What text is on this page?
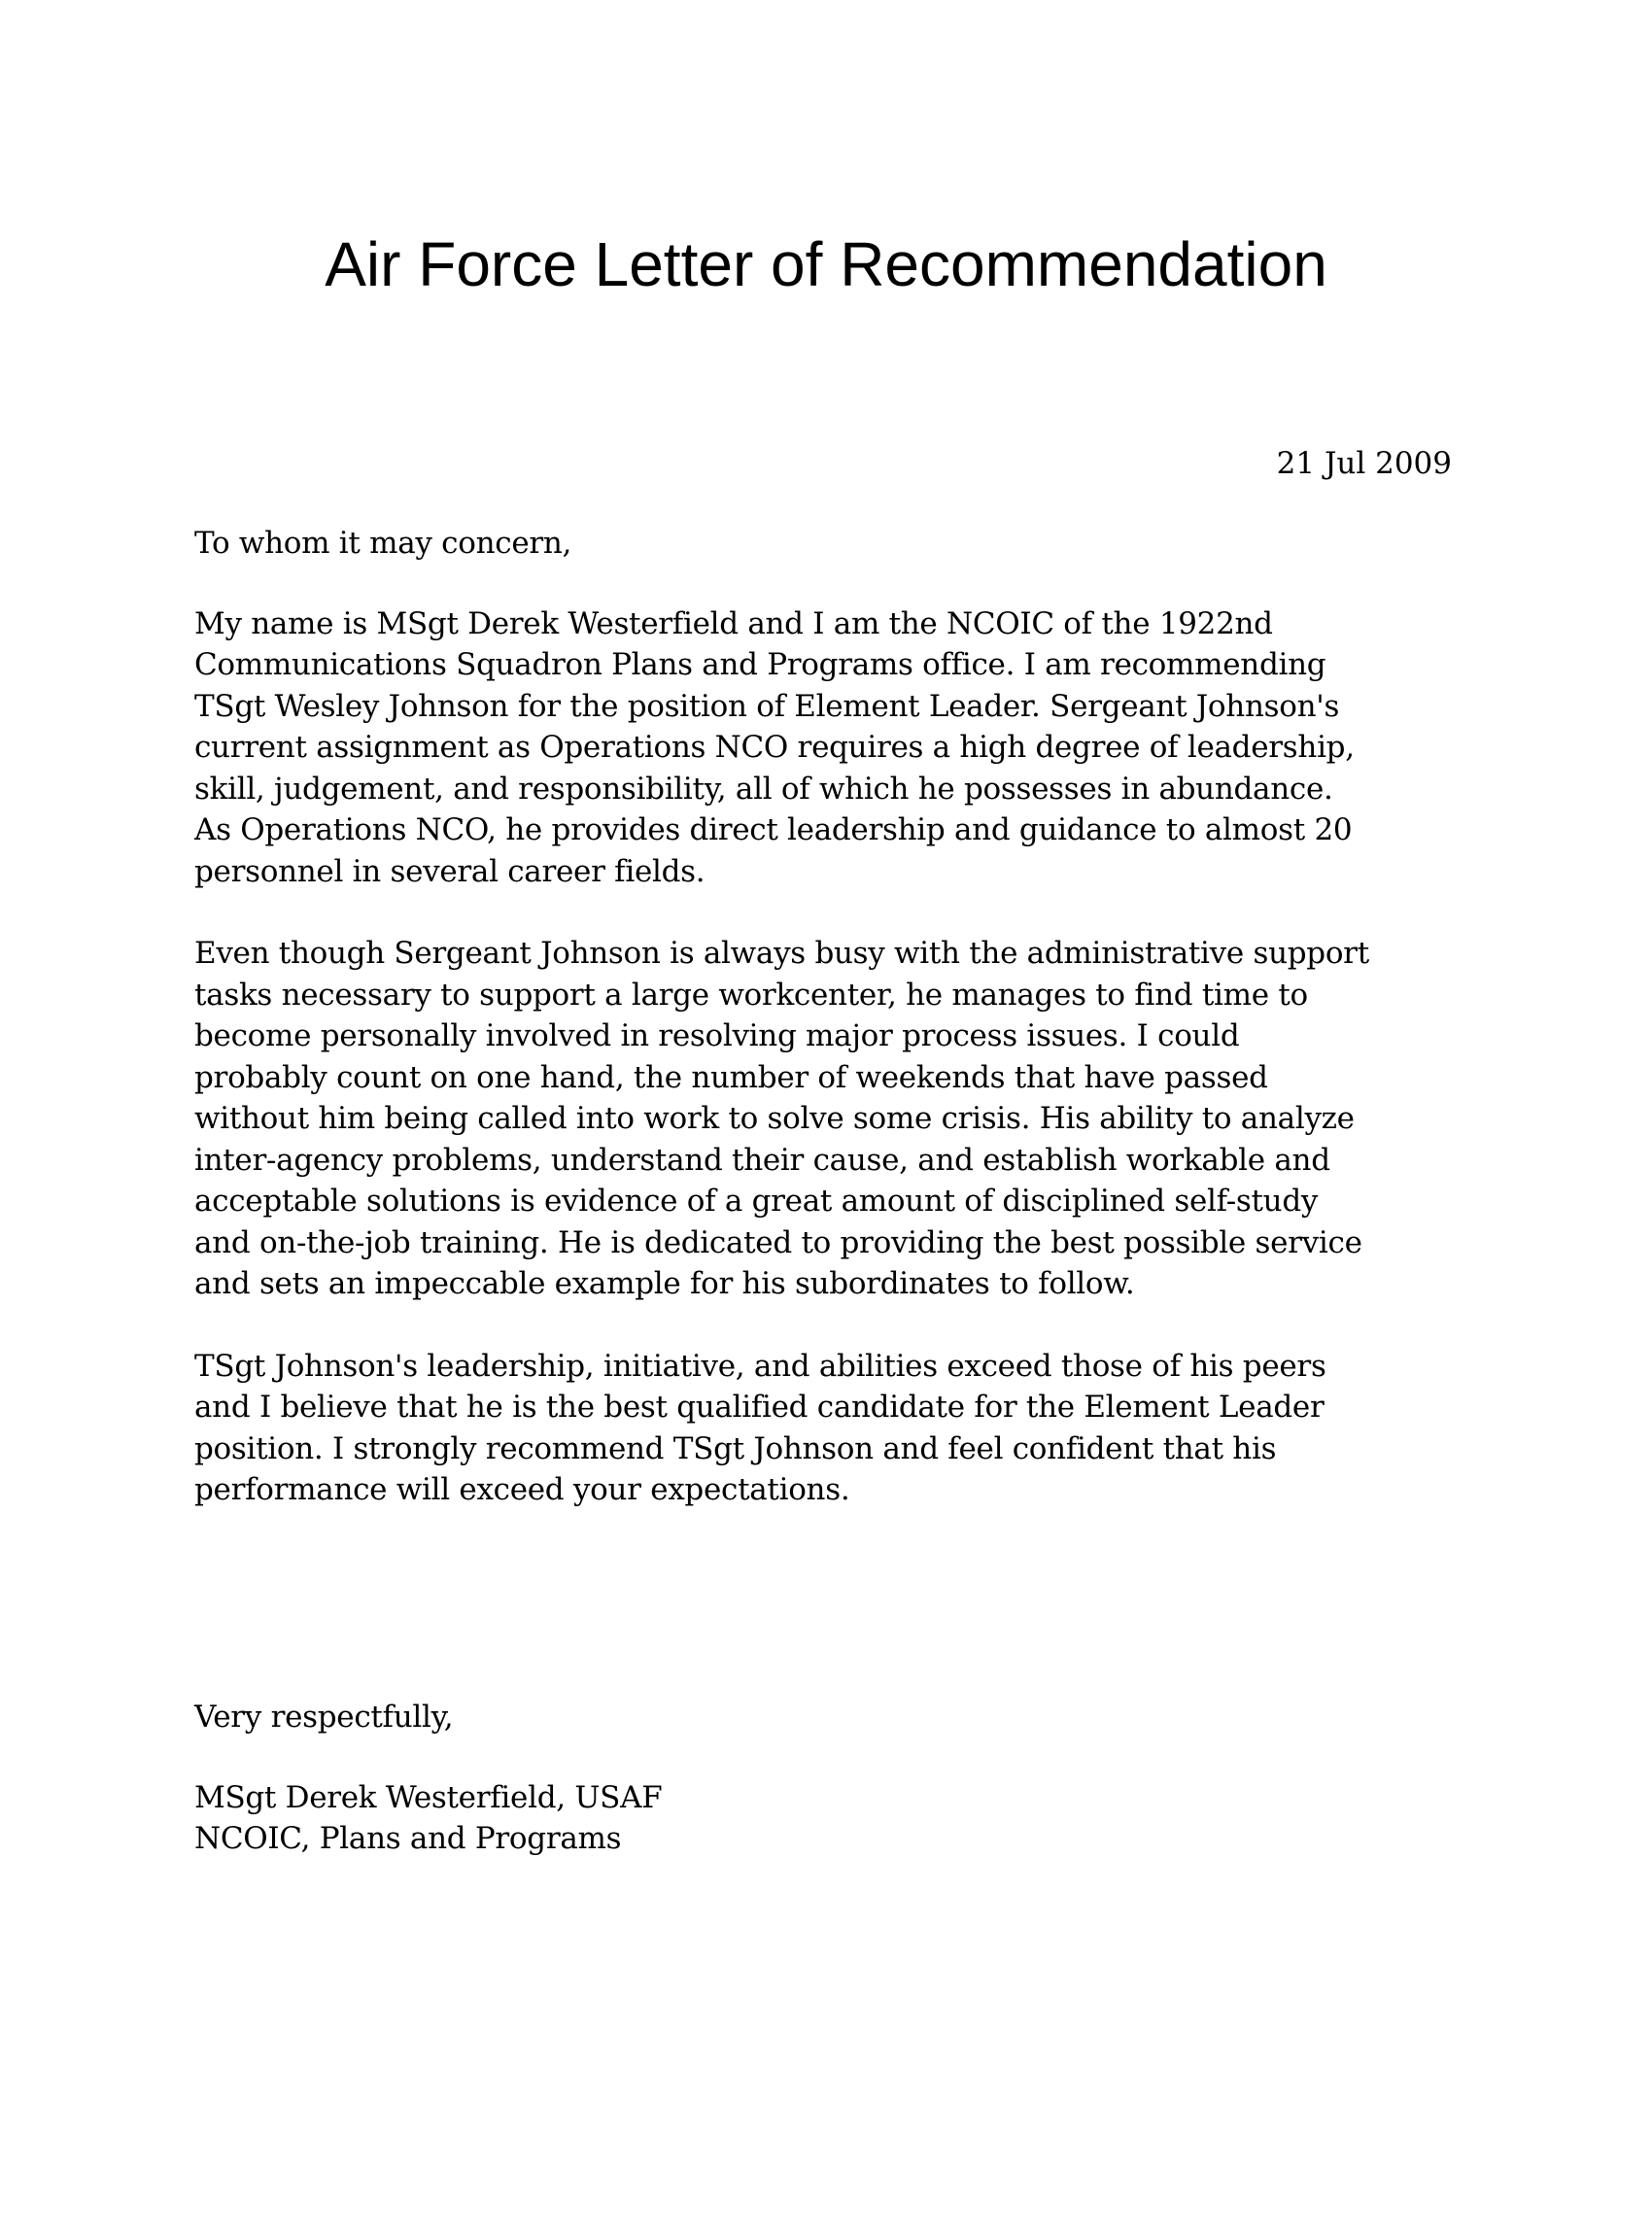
Air Force Letter of Recommendation

21 Jul 2009

To whom it may concern,

My name is MSgt Derek Westerfield and I am the NCOIC of the 1922nd
Communications Squadron Plans and Programs office. I am recommending
TSgt Wesley Johnson for the position of Element Leader. Sergeant Johnson's
current assignment as Operations NCO requires a high degree of leadership,
skill, judgement, and responsibility, all of which he possesses in abundance.
As Operations NCO, he provides direct leadership and guidance to almost 20
personnel in several career fields.

Even though Sergeant Johnson is always busy with the administrative support
tasks necessary to support a large workcenter, he manages to find time to
become personally involved in resolving major process issues. I could
probably count on one hand, the number of weekends that have passed
without him being called into work to solve some crisis. His ability to analyze
inter-agency problems, understand their cause, and establish workable and
acceptable solutions is evidence of a great amount of disciplined self-study
and on-the-job training. He is dedicated to providing the best possible service
and sets an impeccable example for his subordinates to follow.

TSgt Johnson's leadership, initiative, and abilities exceed those of his peers
and I believe that he is the best qualified candidate for the Element Leader
position. I strongly recommend TSgt Johnson and feel confident that his
performance will exceed your expectations.

Very respectfully,

MSgt Derek Westerfield, USAF

NCOIC, Plans and Programs
